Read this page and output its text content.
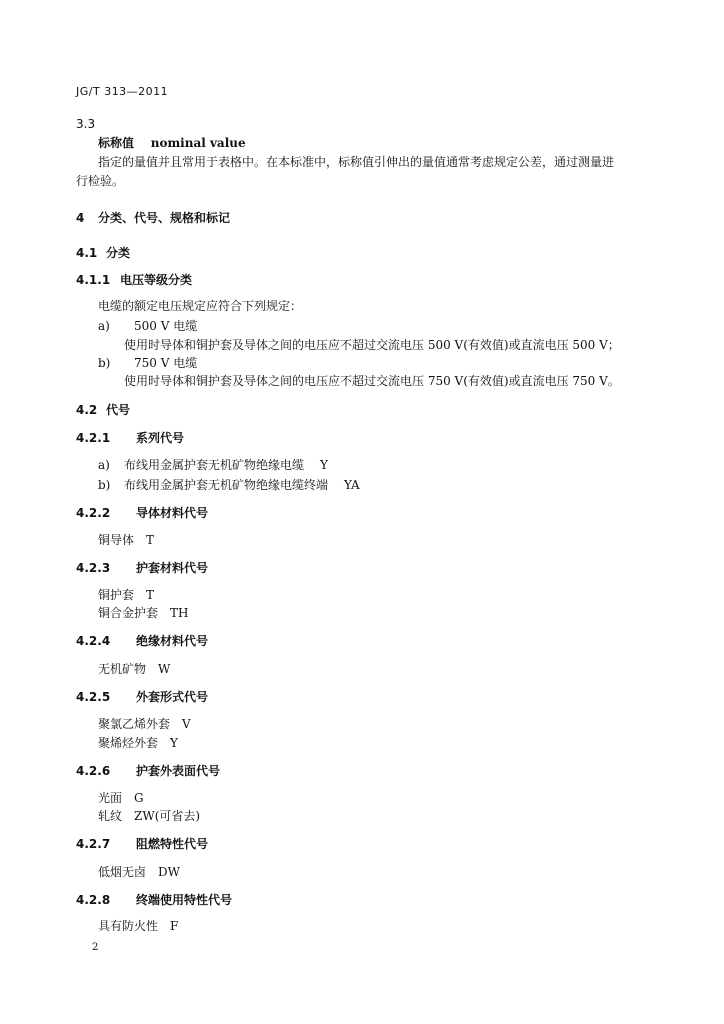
JG/T 313—2011
3.3
标称值 nominal value
指定的量值并且常用于表格中。在本标准中，标称值引伸出的量值通常考虑规定公差，通过测量进
行检验。
4 分类、代号、规格和标记
4.1 分类
4.1.1 电压等级分类
电缆的额定电压规定应符合下列规定：
a) 500 V 电缆
使用时导体和铜护套及导体之间的电压应不超过交流电压 500 V(有效值)或直流电压 500 V；
b) 750 V 电缆
使用时导体和铜护套及导体之间的电压应不超过交流电压 750 V(有效值)或直流电压 750 V。
4.2 代号
4.2.1 系列代号
a) 布线用金属护套无机矿物绝缘电缆 Y
b) 布线用金属护套无机矿物绝缘电缆终端 YA
4.2.2 导体材料代号
铜导体 T
4.2.3 护套材料代号
铜护套 T
铜合金护套 TH
4.2.4 绝缘材料代号
无机矿物 W
4.2.5 外套形式代号
聚氯乙烯外套 V
聚烯烃外套 Y
4.2.6 护套外表面代号
光面 G
轧纹 ZW(可省去)
4.2.7 阻燃特性代号
低烟无卤 DW
4.2.8 终端使用特性代号
具有防火性 F
2
